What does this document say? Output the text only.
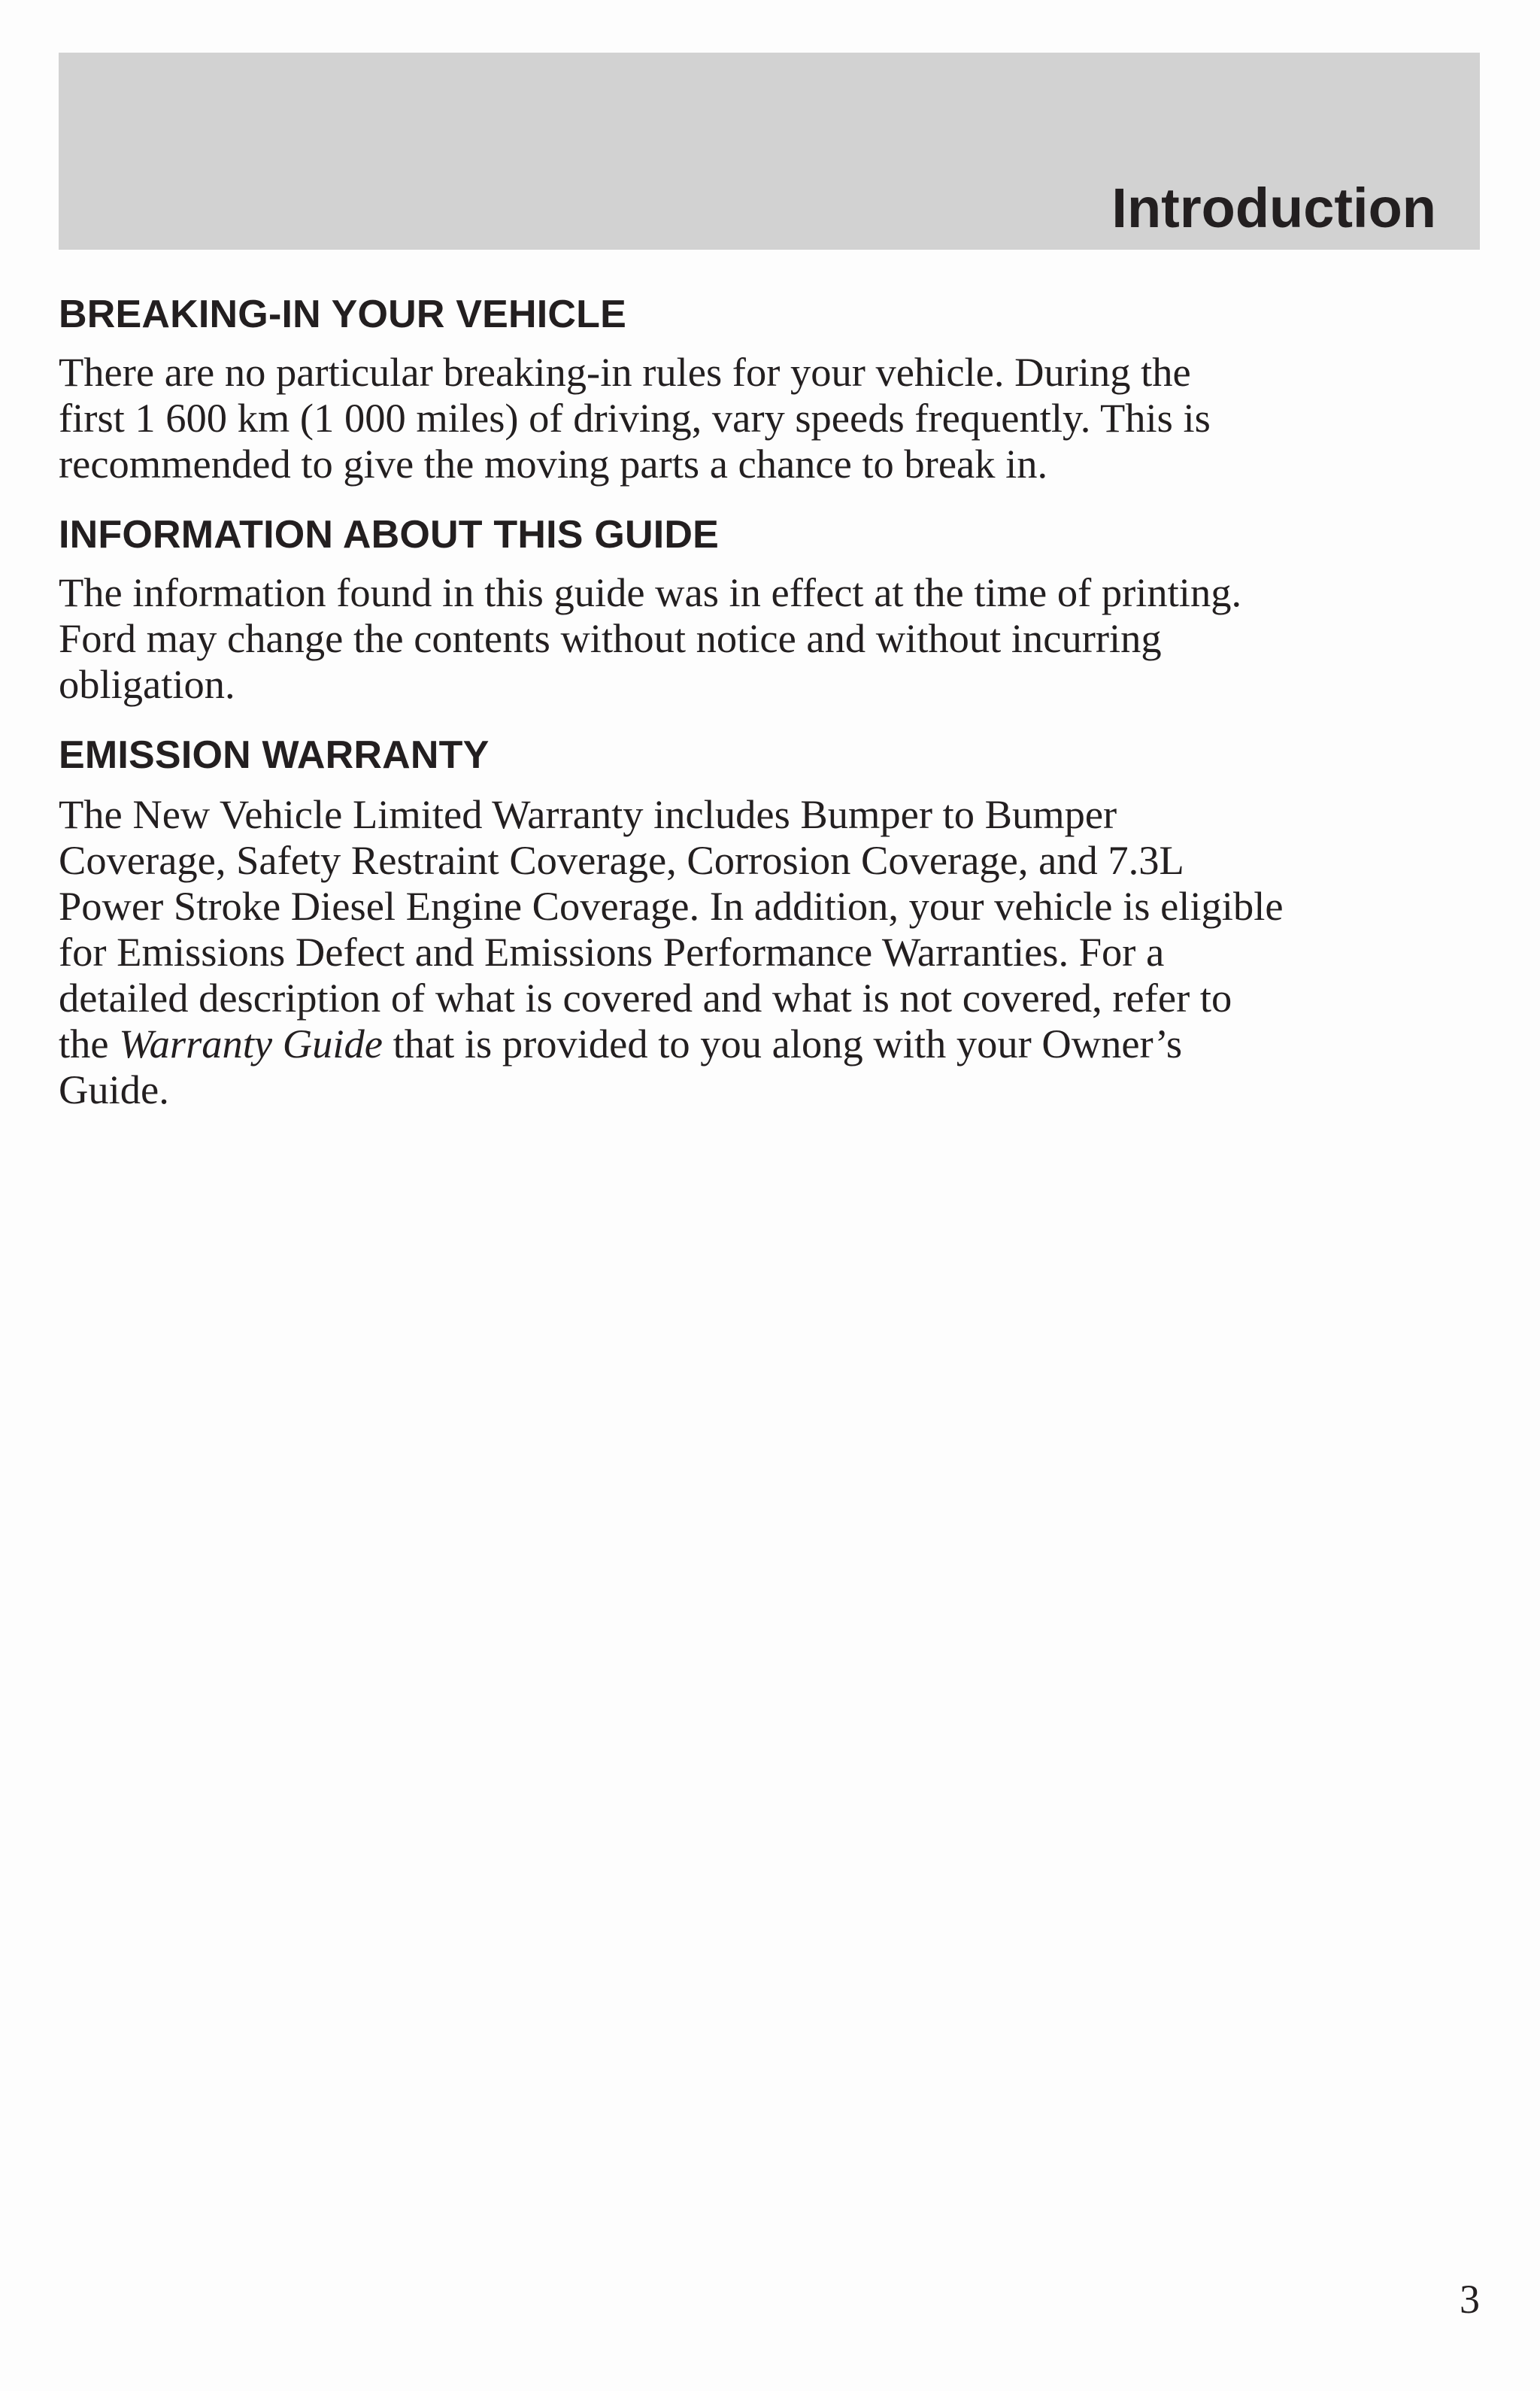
Introduction
BREAKING-IN YOUR VEHICLE

There are no particular breaking-in rules for your vehicle. During the
first 1 600 km (1 000 miles) of driving, vary speeds frequently. This is
recommended to give the moving parts a chance to break in.

INFORMATION ABOUT THIS GUIDE

The information found in this guide was in effect at the time of printing.
Ford may change the contents without notice and without incurring
obligation.

EMISSION WARRANTY

The New Vehicle Limited Warranty includes Bumper to Bumper
Coverage, Safety Restraint Coverage, Corrosion Coverage, and 7.3L
Power Stroke Diesel Engine Coverage. In addition, your vehicle is eligible
for Emissions Defect and Emissions Performance Warranties. For a
detailed description of what is covered and what is not covered, refer to
the Warranty Guide that is provided to you along with your Owner’s
Guide.

3
